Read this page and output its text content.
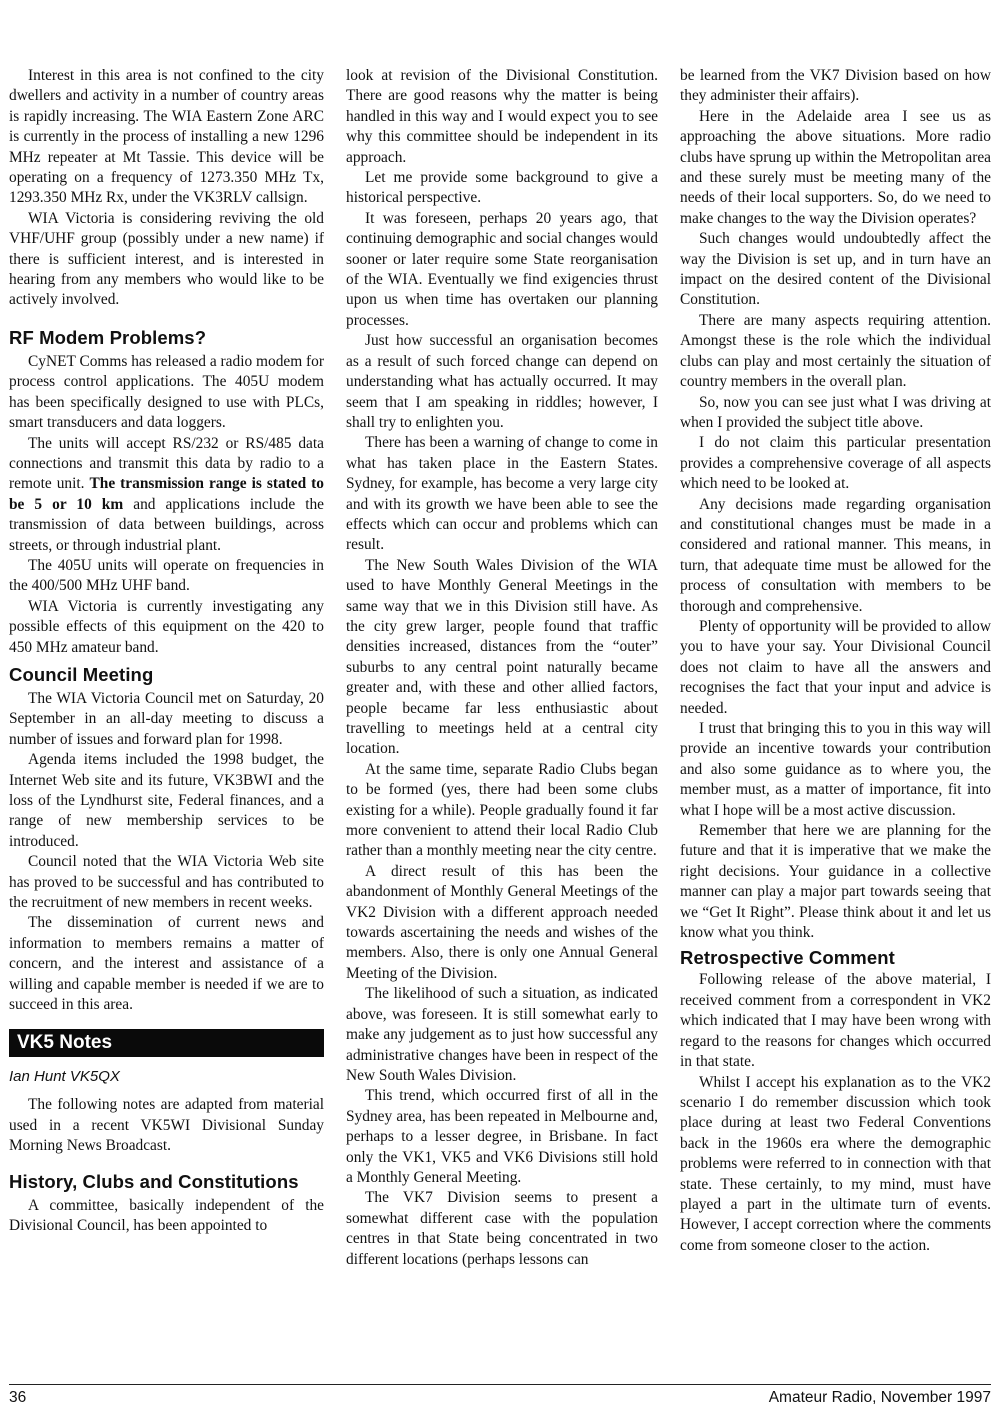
Interest in this area is not confined to the city dwellers and activity in a number of country areas is rapidly increasing. The WIA Eastern Zone ARC is currently in the process of installing a new 1296 MHz repeater at Mt Tassie. This device will be operating on a frequency of 1273.350 MHz Tx, 1293.350 MHz Rx, under the VK3RLV callsign.

WIA Victoria is considering reviving the old VHF/UHF group (possibly under a new name) if there is sufficient interest, and is interested in hearing from any members who would like to be actively involved.

RF Modem Problems?

CyNET Comms has released a radio modem for process control applications. The 405U modem has been specifically designed to use with PLCs, smart transducers and data loggers.

The units will accept RS/232 or RS/485 data connections and transmit this data by radio to a remote unit. The transmission range is stated to be 5 or 10 km and applications include the transmission of data between buildings, across streets, or through industrial plant.

The 405U units will operate on frequencies in the 400/500 MHz UHF band.

WIA Victoria is currently investigating any possible effects of this equipment on the 420 to 450 MHz amateur band.

Council Meeting

The WIA Victoria Council met on Saturday, 20 September in an all-day meeting to discuss a number of issues and forward plan for 1998.

Agenda items included the 1998 budget, the Internet Web site and its future, VK3BWI and the loss of the Lyndhurst site, Federal finances, and a range of new membership services to be introduced.

Council noted that the WIA Victoria Web site has proved to be successful and has contributed to the recruitment of new members in recent weeks.

The dissemination of current news and information to members remains a matter of concern, and the interest and assistance of a willing and capable member is needed if we are to succeed in this area.

VK5 Notes
Ian Hunt VK5QX

The following notes are adapted from material used in a recent VK5WI Divisional Sunday Morning News Broadcast.

History, Clubs and Constitutions

A committee, basically independent of the Divisional Council, has been appointed to

look at revision of the Divisional Constitution. There are good reasons why the matter is being handled in this way and I would expect you to see why this committee should be independent in its approach.

Let me provide some background to give a historical perspective.

It was foreseen, perhaps 20 years ago, that continuing demographic and social changes would sooner or later require some State reorganisation of the WIA. Eventually we find exigencies thrust upon us when time has overtaken our planning processes.

Just how successful an organisation becomes as a result of such forced change can depend on understanding what has actually occurred. It may seem that I am speaking in riddles; however, I shall try to enlighten you.

There has been a warning of change to come in what has taken place in the Eastern States. Sydney, for example, has become a very large city and with its growth we have been able to see the effects which can occur and problems which can result.

The New South Wales Division of the WIA used to have Monthly General Meetings in the same way that we in this Division still have. As the city grew larger, people found that traffic densities increased, distances from the “outer” suburbs to any central point naturally became greater and, with these and other allied factors, people became far less enthusiastic about travelling to meetings held at a central city location.

At the same time, separate Radio Clubs began to be formed (yes, there had been some clubs existing for a while). People gradually found it far more convenient to attend their local Radio Club rather than a monthly meeting near the city centre.

A direct result of this has been the abandonment of Monthly General Meetings of the VK2 Division with a different approach needed towards ascertaining the needs and wishes of the members. Also, there is only one Annual General Meeting of the Division.

The likelihood of such a situation, as indicated above, was foreseen. It is still somewhat early to make any judgement as to just how successful any administrative changes have been in respect of the New South Wales Division.

This trend, which occurred first of all in the Sydney area, has been repeated in Melbourne and, perhaps to a lesser degree, in Brisbane. In fact only the VK1, VK5 and VK6 Divisions still hold a Monthly General Meeting.

The VK7 Division seems to present a somewhat different case with the population centres in that State being concentrated in two different locations (perhaps lessons can

be learned from the VK7 Division based on how they administer their affairs).

Here in the Adelaide area I see us as approaching the above situations. More radio clubs have sprung up within the Metropolitan area and these surely must be meeting many of the needs of their local supporters. So, do we need to make changes to the way the Division operates?

Such changes would undoubtedly affect the way the Division is set up, and in turn have an impact on the desired content of the Divisional Constitution.

There are many aspects requiring attention. Amongst these is the role which the individual clubs can play and most certainly the situation of country members in the overall plan.

So, now you can see just what I was driving at when I provided the subject title above.

I do not claim this particular presentation provides a comprehensive coverage of all aspects which need to be looked at.

Any decisions made regarding organisation and constitutional changes must be made in a considered and rational manner. This means, in turn, that adequate time must be allowed for the process of consultation with members to be thorough and comprehensive.

Plenty of opportunity will be provided to allow you to have your say. Your Divisional Council does not claim to have all the answers and recognises the fact that your input and advice is needed.

I trust that bringing this to you in this way will provide an incentive towards your contribution and also some guidance as to where you, the member must, as a matter of importance, fit into what I hope will be a most active discussion.

Remember that here we are planning for the future and that it is imperative that we make the right decisions. Your guidance in a collective manner can play a major part towards seeing that we “Get It Right”. Please think about it and let us know what you think.

Retrospective Comment

Following release of the above material, I received comment from a correspondent in VK2 which indicated that I may have been wrong with regard to the reasons for changes which occurred in that state.

Whilst I accept his explanation as to the VK2 scenario I do remember discussion which took place during at least two Federal Conventions back in the 1960s era where the demographic problems were referred to in connection with that state. These certainly, to my mind, must have played a part in the ultimate turn of events. However, I accept correction where the comments come from someone closer to the action.

36	Amateur Radio, November 1997
